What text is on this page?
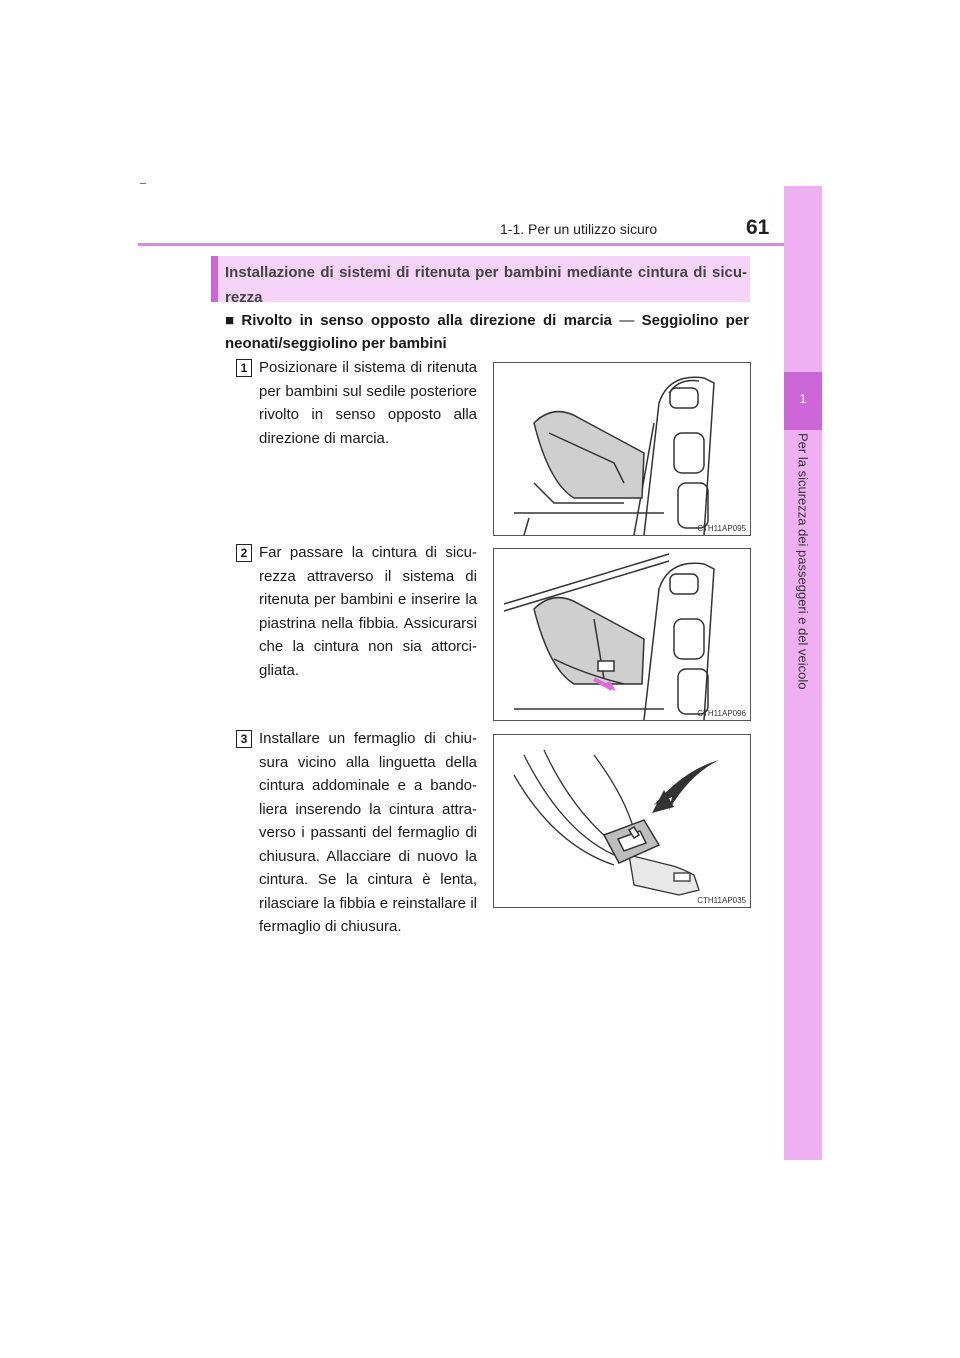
1-1. Per un utilizzo sicuro	61
1
Per la sicurezza dei passeggeri e del veicolo
Installazione di sistemi di ritenuta per bambini mediante cintura di sicu-rezza
■ Rivolto in senso opposto alla direzione di marcia — Seggiolino per
neonati/seggiolino per bambini
1 Posizionare il sistema di ritenuta per bambini sul sedile posteriore rivolto in senso opposto alla direzione di marcia.
CTH11AP095
2 Far passare la cintura di sicu-rezza attraverso il sistema di ritenuta per bambini e inserire la piastrina nella fibbia. Assicurarsi che la cintura non sia attorci-gliata.
CTH11AP096
3 Installare un fermaglio di chiu-sura vicino alla linguetta della cintura addominale e a bando-liera inserendo la cintura attra-verso i passanti del fermaglio di chiusura. Allacciare di nuovo la cintura. Se la cintura è lenta, rilasciare la fibbia e reinstallare il fermaglio di chiusura.
CTH11AP035
